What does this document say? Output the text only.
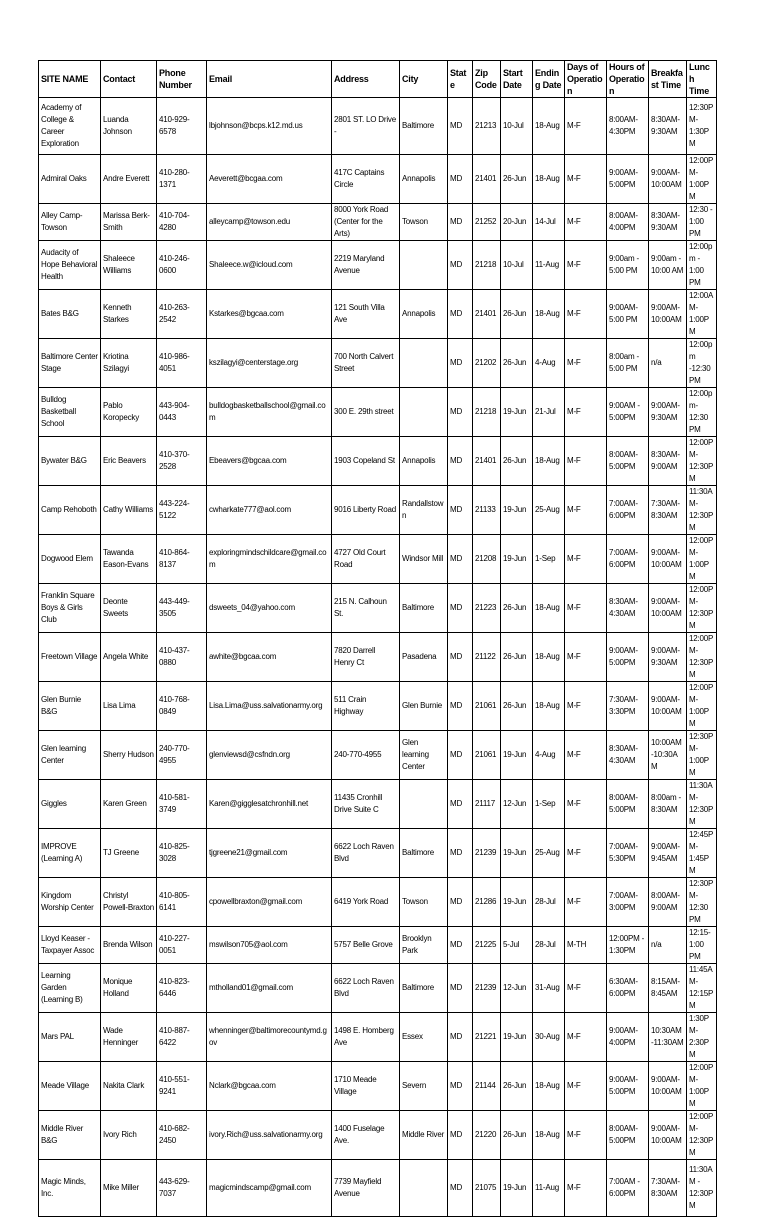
SITE NAME	Contact	Phone Number	Email	Address	City	State	Zip Code	Start Date	Ending Date	Days of Operation	Hours of Operation	Breakfast Time	Lunch Time
Academy of College & Career Exploration	Luanda Johnson	410-929-6578	lbjohnson@bcps.k12.md.us	2801 ST. LO Drive -	Baltimore	MD	21213	10-Jul	18-Aug	M-F	8:00AM-4:30PM	8:30AM-9:30AM	12:30PM-1:30PM
Admiral Oaks	Andre Everett	410-280-1371	Aeverett@bcgaa.com	417C Captains Circle	Annapolis	MD	21401	26-Jun	18-Aug	M-F	9:00AM-5:00PM	9:00AM-10:00AM	12:00PM-1:00PM
Alley Camp-Towson	Marissa Berk-Smith	410-704-4280	alleycamp@towson.edu	8000 York Road (Center for the Arts)	Towson	MD	21252	20-Jun	14-Jul	M-F	8:00AM-4:00PM	8:30AM-9:30AM	12:30 - 1:00 PM
Audacity of Hope Behavioral Health	Shaleece Williams	410-246-0600	Shaleece.w@icloud.com	2219 Maryland Avenue		MD	21218	10-Jul	11-Aug	M-F	9:00am - 5:00 PM	9:00am - 10:00 AM	12:00pm - 1:00 PM
Bates B&G	Kenneth Starkes	410-263-2542	Kstarkes@bgcaa.com	121 South Villa Ave	Annapolis	MD	21401	26-Jun	18-Aug	M-F	9:00AM-5:00 PM	9:00AM-10:00AM	12:00AM-1:00PM
Baltimore Center Stage	Kriotina Szilagyi	410-986-4051	kszilagyi@centerstage.org	700 North Calvert Street		MD	21202	26-Jun	4-Aug	M-F	8:00am - 5:00 PM	n/a	12:00pm -12:30PM
Bulldog Basketball School	Pablo Koropecky	443-904-0443	bulldogbasketballschool@gmail.com	300 E. 29th street		MD	21218	19-Jun	21-Jul	M-F	9:00AM - 5:00PM	9:00AM-9:30AM	12:00pm-12:30 PM
Bywater B&G	Eric Beavers	410-370-2528	Ebeavers@bgcaa.com	1903 Copeland St	Annapolis	MD	21401	26-Jun	18-Aug	M-F	8:00AM-5:00PM	8:30AM-9:00AM	12:00PM-12:30PM
Camp Rehoboth	Cathy Williams	443-224-5122	cwharkate777@aol.com	9016 Liberty Road	Randallstown	MD	21133	19-Jun	25-Aug	M-F	7:00AM-6:00PM	7:30AM-8:30AM	11:30AM-12:30PM
Dogwood Elem	Tawanda Eason-Evans	410-864-8137	exploringmindschildcare@gmail.com	4727 Old Court Road	Windsor Mill	MD	21208	19-Jun	1-Sep	M-F	7:00AM-6:00PM	9:00AM-10:00AM	12:00PM-1:00PM
Franklin Square Boys & Girls Club	Deonte Sweets	443-449-3505	dsweets_04@yahoo.com	215 N. Calhoun St.	Baltimore	MD	21223	26-Jun	18-Aug	M-F	8:30AM-4:30AM	9:00AM-10:00AM	12:00PM-12:30PM
Freetown Village	Angela White	410-437-0880	awhite@bgcaa.com	7820 Darrell Henry Ct	Pasadena	MD	21122	26-Jun	18-Aug	M-F	9:00AM-5:00PM	9:00AM-9:30AM	12:00PM-12:30PM
Glen Burnie B&G	Lisa Lima	410-768-0849	Lisa.Lima@uss.salvationarmy.org	511 Crain Highway	Glen Burnie	MD	21061	26-Jun	18-Aug	M-F	7:30AM-3:30PM	9:00AM-10:00AM	12:00PM-1:00PM
Glen learning Center	Sherry Hudson	240-770-4955	glenviewsd@csfndn.org	240-770-4955	Glen learning Center	MD	21061	19-Jun	4-Aug	M-F	8:30AM-4:30AM	10:00AM-10:30AM	12:30PM-1:00PM
Giggles	Karen Green	410-581-3749	Karen@gigglesatchronhill.net	11435 Cronhill Drive Suite C		MD	21117	12-Jun	1-Sep	M-F	8:00AM-5:00PM	8:00am - 8:30AM	11:30AM-12:30PM
IMPROVE (Learning A)	TJ Greene	410-825-3028	tjgreene21@gmail.com	6622 Loch Raven Blvd	Baltimore	MD	21239	19-Jun	25-Aug	M-F	7:00AM-5:30PM	9:00AM-9:45AM	12:45PM-1:45PM
Kingdom Worship Center	Christyl Powell-Braxton	410-805-6141	cpowellbraxton@gmail.com	6419 York Road	Towson	MD	21286	19-Jun	28-Jul	M-F	7:00AM-3:00PM	8:00AM-9:00AM	12:30PM-12:30 PM
Lloyd Keaser - Taxpayer Assoc	Brenda Wilson	410-227-0051	mswilson705@aol.com	5757 Belle Grove	Brooklyn Park	MD	21225	5-Jul	28-Jul	M-TH	12:00PM - 1:30PM	n/a	12:15-1:00 PM
Learning Garden (Learning B)	Monique Holland	410-823-6446	mtholland01@gmail.com	6622 Loch Raven Blvd	Baltimore	MD	21239	12-Jun	31-Aug	M-F	6:30AM-6:00PM	8:15AM-8:45AM	11:45AM-12:15PM
Mars PAL	Wade Henninger	410-887-6422	whenninger@baltimorecountymd.gov	1498 E. Homberg Ave	Essex	MD	21221	19-Jun	30-Aug	M-F	9:00AM-4:00PM	10:30AM-11:30AM	1:30PM-2:30PM
Meade Village	Nakita Clark	410-551-9241	Nclark@bgcaa.com	1710 Meade Village	Severn	MD	21144	26-Jun	18-Aug	M-F	9:00AM-5:00PM	9:00AM-10:00AM	12:00PM-1:00PM
Middle River B&G	Ivory Rich	410-682-2450	ivory.Rich@uss.salvationarmy.org	1400 Fuselage Ave.	Middle River	MD	21220	26-Jun	18-Aug	M-F	8:00AM-5:00PM	9:00AM-10:00AM	12:00PM-12:30PM
Magic Minds, Inc.	Mike Miller	443-629-7037	magicmindscamp@gmail.com	7739 Mayfield Avenue		MD	21075	19-Jun	11-Aug	M-F	7:00AM - 6:00PM	7:30AM-8:30AM	11:30AM - 12:30PM
